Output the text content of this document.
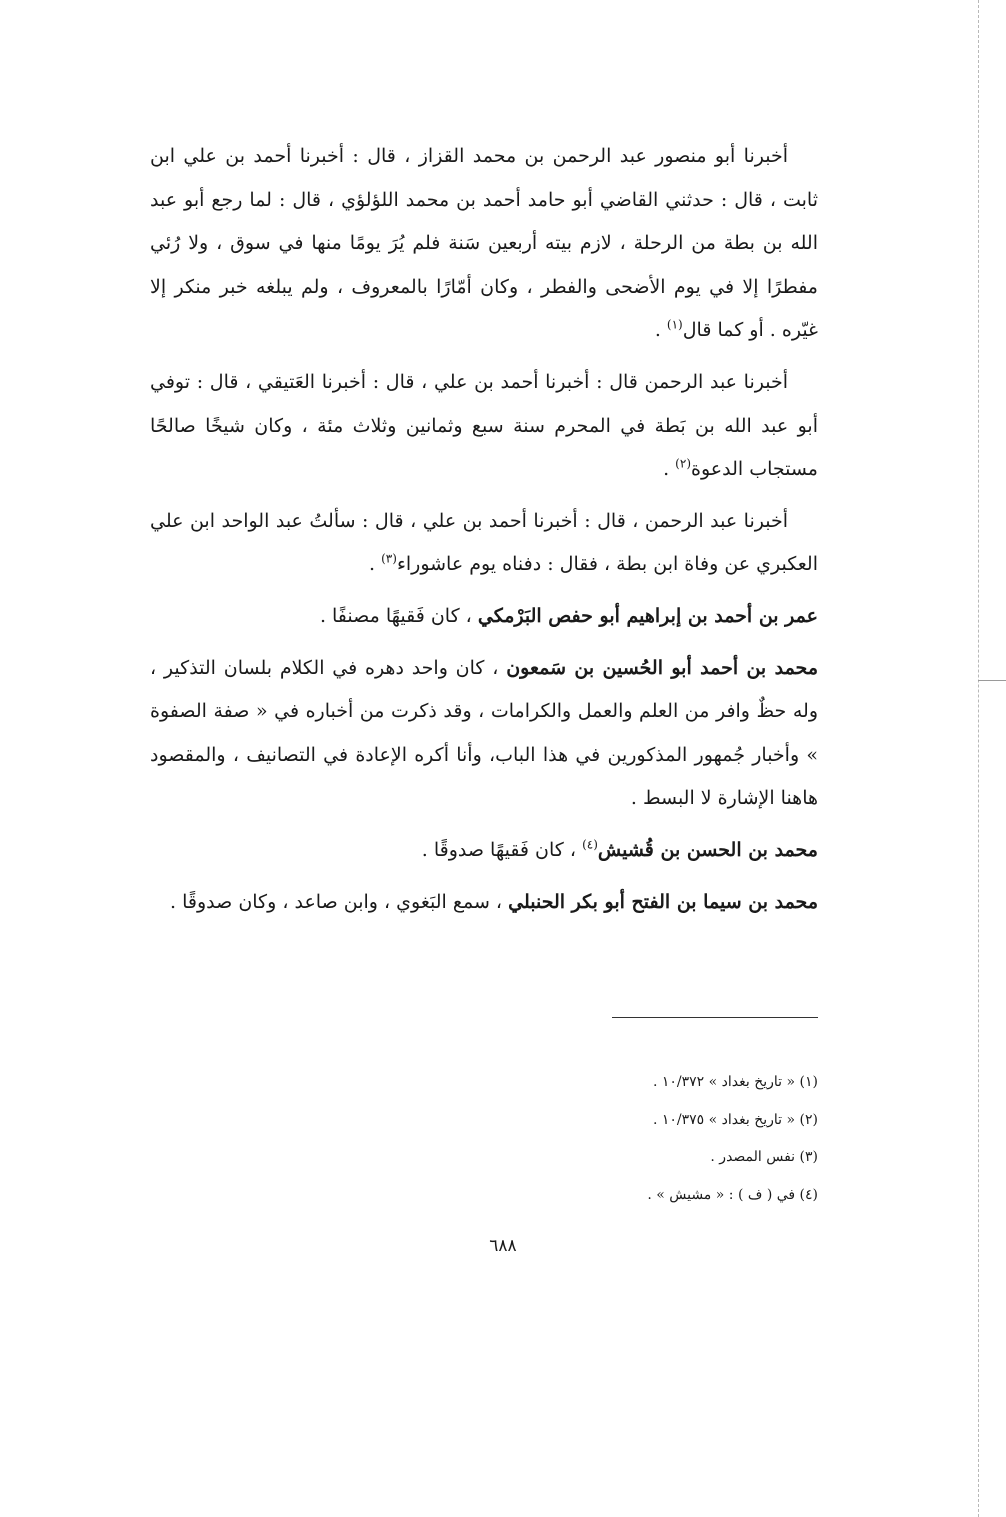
أخبرنا أبو منصور عبد الرحمن بن محمد القزاز ، قال : أخبرنا أحمد بن علي ابن ثابت ، قال : حدثني القاضي أبو حامد أحمد بن محمد اللؤلؤي ، قال : لما رجع أبو عبد الله بن بطة من الرحلة ، لازم بيته أربعين سَنة فلم يُرَ يومًا منها في سوق ، ولا رُئي مفطرًا إلا في يوم الأضحى والفطر ، وكان أمّارًا بالمعروف ، ولم يبلغه خبر منكر إلا غيّره . أو كما قال$^{(١)}$ .

أخبرنا عبد الرحمن قال : أخبرنا أحمد بن علي ، قال : أخبرنا العَتيقي ، قال : توفي أبو عبد الله بن بَطة في المحرم سنة سبع وثمانين وثلاث مئة ، وكان شيخًا صالحًا مستجاب الدعوة$^{(٢)}$ .

أخبرنا عبد الرحمن ، قال : أخبرنا أحمد بن علي ، قال : سألتُ عبد الواحد ابن علي العكبري عن وفاة ابن بطة ، فقال : دفناه يوم عاشوراء$^{(٣)}$ .

عمر بن أحمد بن إبراهيم أبو حفص البَرْمكي ، كان فَقيهًا مصنفًا .

محمد بن أحمد أبو الحُسين بن سَمعون ، كان واحد دهره في الكلام بلسان التذكير ، وله حظٌ وافر من العلم والعمل والكرامات ، وقد ذكرت من أخباره في « صفة الصفوة » وأخبار جُمهور المذكورين في هذا الباب، وأنا أكره الإعادة في التصانيف ، والمقصود هاهنا الإشارة لا البسط .

محمد بن الحسن بن قُشيش$^{(٤)}$ ، كان فَقيهًا صدوقًا .

محمد بن سيما بن الفتح أبو بكر الحنبلي ، سمع البَغوي ، وابن صاعد ، وكان صدوقًا .

(١) « تاريخ بغداد » ١٠/٣٧٢ .
(٢) « تاريخ بغداد » ١٠/٣٧٥ .
(٣) نفس المصدر .
(٤) في ( ف ) : « مشيش » .
٦٨٨
